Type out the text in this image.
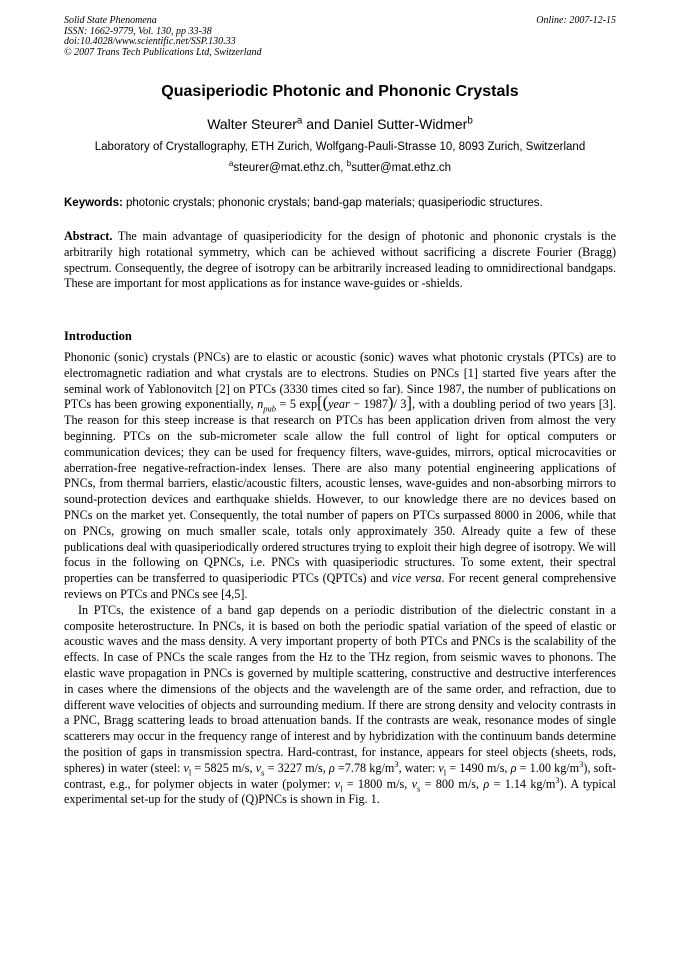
Solid State Phenomena
ISSN: 1662-9779, Vol. 130, pp 33-38
doi:10.4028/www.scientific.net/SSP.130.33
© 2007 Trans Tech Publications Ltd, Switzerland
Online: 2007-12-15
Quasiperiodic Photonic and Phononic Crystals
Walter Steurer$^a$ and Daniel Sutter-Widmer$^b$
Laboratory of Crystallography, ETH Zurich, Wolfgang-Pauli-Strasse 10, 8093 Zurich, Switzerland
$^a$steurer@mat.ethz.ch, $^b$sutter@mat.ethz.ch
Keywords: photonic crystals; phononic crystals; band-gap materials; quasiperiodic structures.
Abstract. The main advantage of quasiperiodicity for the design of photonic and phononic crystals is the arbitrarily high rotational symmetry, which can be achieved without sacrificing a discrete Fourier (Bragg) spectrum. Consequently, the degree of isotropy can be arbitrarily increased leading to omnidirectional bandgaps. These are important for most applications as for instance wave-guides or -shields.
Introduction

Phononic (sonic) crystals (PNCs) are to elastic or acoustic (sonic) waves what photonic crystals (PTCs) are to electromagnetic radiation and what crystals are to electrons. Studies on PNCs [1] started five years after the seminal work of Yablonovitch [2] on PTCs (3330 times cited so far). Since 1987, the number of publications on PTCs has been growing exponentially, $n_{pub} = 5$ exp[(year − 1987)/ 3], with a doubling period of two years [3]. The reason for this steep increase is that research on PTCs has been application driven from almost the very beginning. PTCs on the sub-micrometer scale allow the full control of light for optical computers or communication devices; they can be used for frequency filters, wave-guides, mirrors, optical microcavities or aberration-free negative-refraction-index lenses. There are also many potential engineering applications of PNCs, from thermal barriers, elastic/acoustic filters, acoustic lenses, wave-guides and non-absorbing mirrors to sound-protection devices and earthquake shields. However, to our knowledge there are no devices based on PNCs on the market yet. Consequently, the total number of papers on PTCs surpassed 8000 in 2006, while that on PNCs, growing on much smaller scale, totals only approximately 350. Already quite a few of these publications deal with quasiperiodically ordered structures trying to exploit their high degree of isotropy. We will focus in the following on QPNCs, i.e. PNCs with quasiperiodic structures. To some extent, their spectral properties can be transferred to quasiperiodic PTCs (QPTCs) and vice versa. For recent general comprehensive reviews on PTCs and PNCs see [4,5].

In PTCs, the existence of a band gap depends on a periodic distribution of the dielectric constant in a composite heterostructure. In PNCs, it is based on both the periodic spatial variation of the speed of elastic or acoustic waves and the mass density. A very important property of both PTCs and PNCs is the scalability of the effects. In case of PNCs the scale ranges from the Hz to the THz region, from seismic waves to phonons. The elastic wave propagation in PNCs is governed by multiple scattering, constructive and destructive interferences in cases where the dimensions of the objects and the wavelength are of the same order, and refraction, due to different wave velocities of objects and surrounding medium. If there are strong density and velocity contrasts in a PNC, Bragg scattering leads to broad attenuation bands. If the contrasts are weak, resonance modes of single scatterers may occur in the frequency range of interest and by hybridization with the continuum bands determine the position of gaps in transmission spectra. Hard-contrast, for instance, appears for steel objects (sheets, rods, spheres) in water (steel: $v_l = 5825$ m/s, $v_s = 3227$ m/s, ρ =7.78 $kg/m^3$, water: $v_l = 1490$ m/s, ρ = 1.00 $kg/m^3$), soft-contrast, e.g., for polymer objects in water (polymer: $v_l = 1800$ m/s, $v_s = 800$ m/s, ρ = 1.14 $kg/m^3$). A typical experimental set-up for the study of (Q)PNCs is shown in Fig. 1.
